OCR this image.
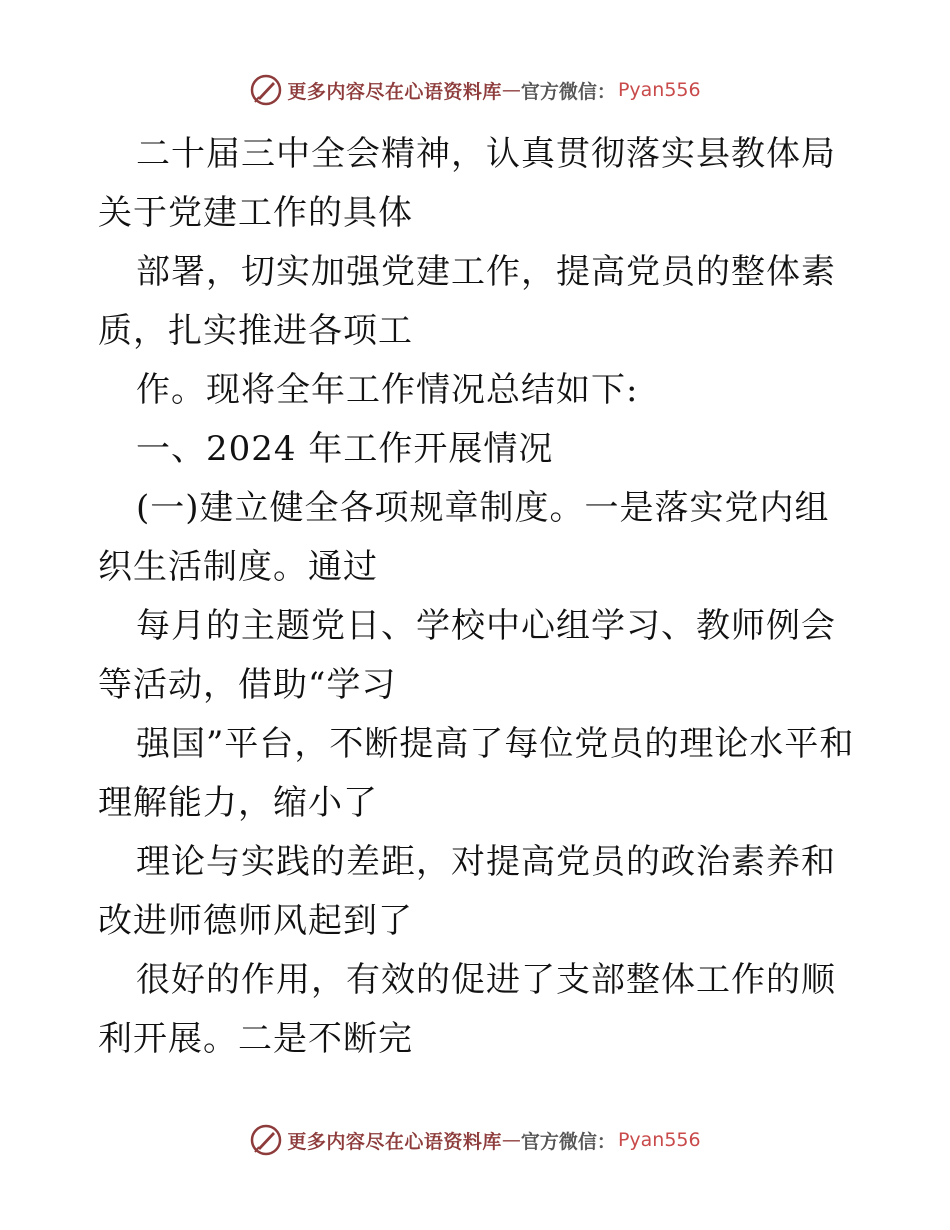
更多内容尽在心语资料库 — 官方微信： Pyan556

二十届三中全会精神，认真贯彻落实县教体局关于党建工作的具体

部署，切实加强党建工作，提高党员的整体素质，扎实推进各项工

作。现将全年工作情况总结如下:

一、2024 年工作开展情况

(一)建立健全各项规章制度。一是落实党内组织生活制度。通过

每月的主题党日、学校中心组学习、教师例会等活动，借助“学习

强国”平台，不断提高了每位党员的理论水平和理解能力，缩小了

理论与实践的差距，对提高党员的政治素养和改进师德师风起到了

很好的作用，有效的促进了支部整体工作的顺利开展。二是不断完

更多内容尽在心语资料库 — 官方微信： Pyan556
